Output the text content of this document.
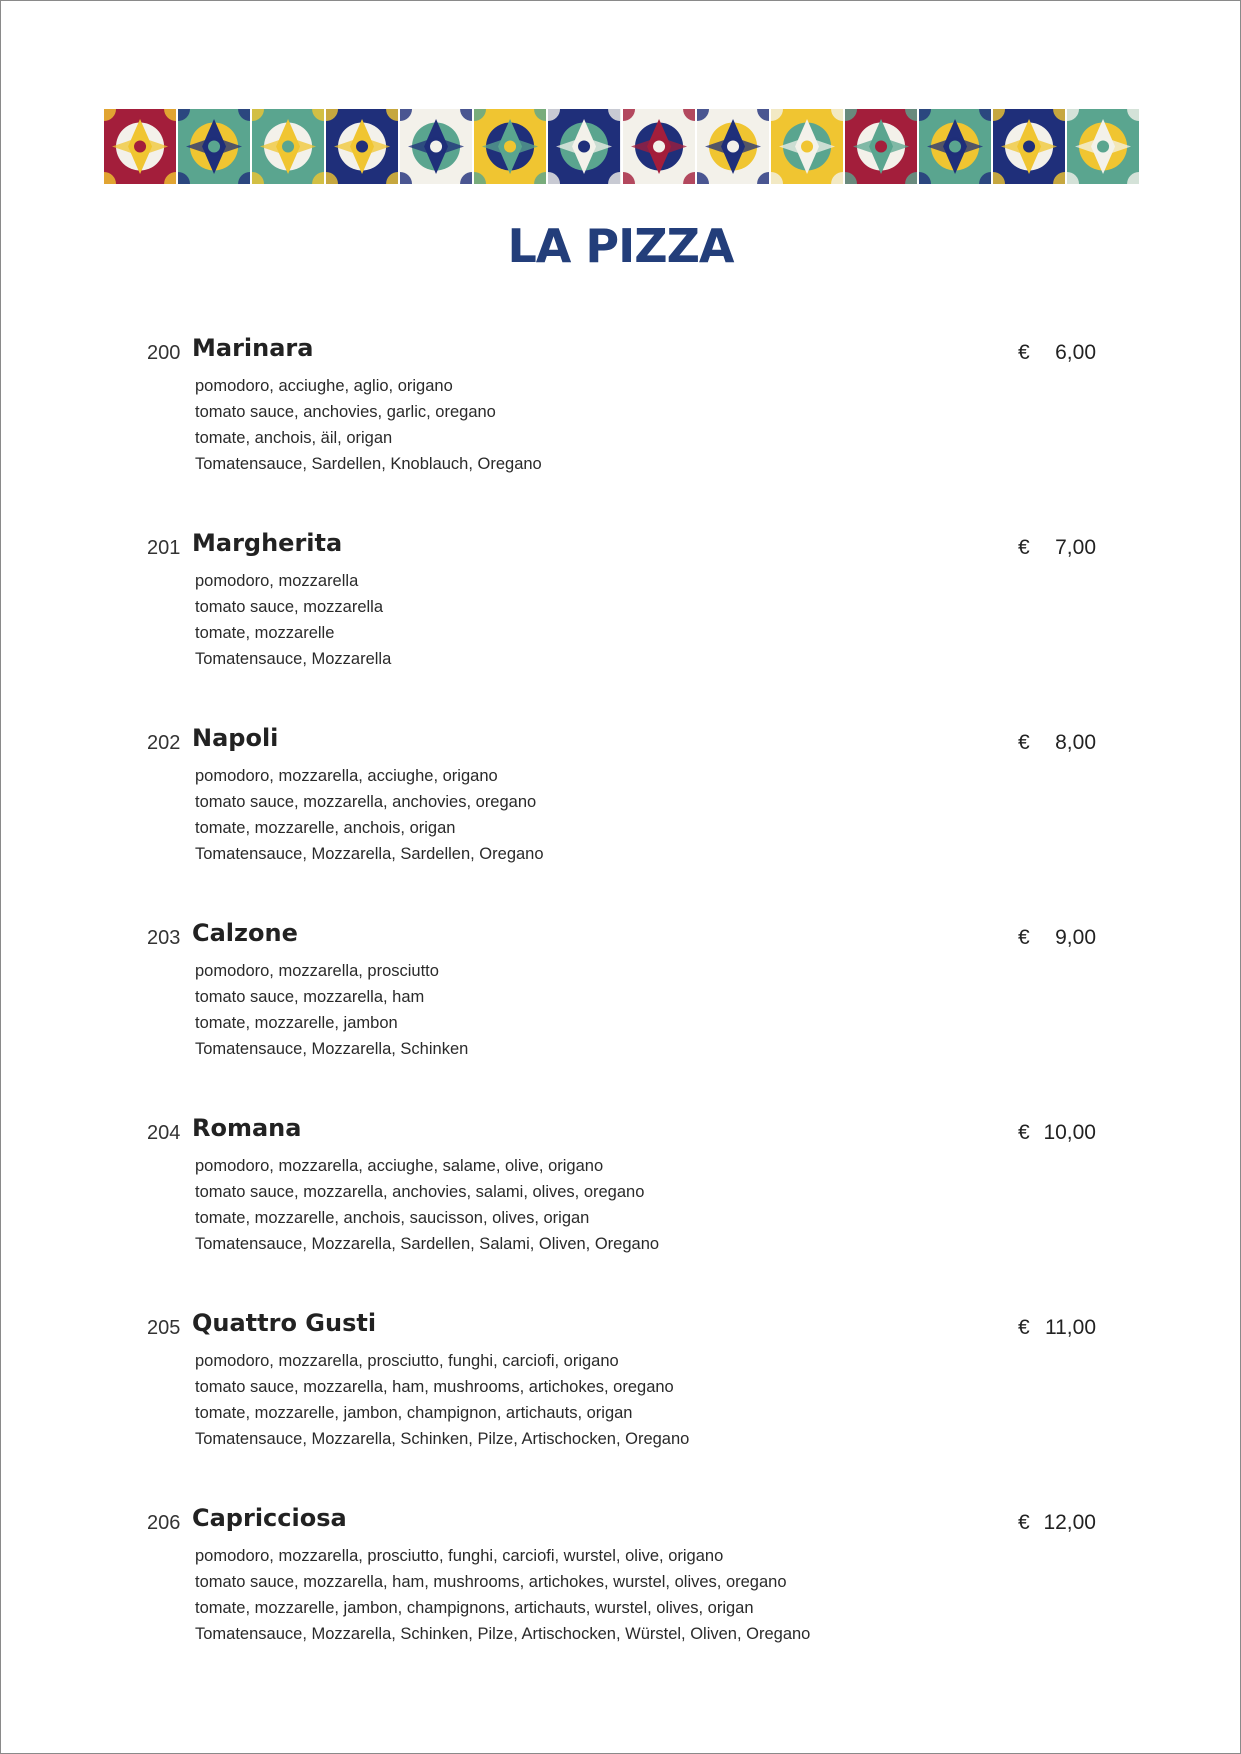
LA PIZZA
200 Marinara	€ 6,00
pomodoro, acciughe, aglio, origano
tomato sauce, anchovies, garlic, oregano
tomate, anchois, äil, origan
Tomatensauce, Sardellen, Knoblauch, Oregano
201 Margherita	€ 7,00
pomodoro, mozzarella
tomato sauce, mozzarella
tomate, mozzarelle
Tomatensauce, Mozzarella
202 Napoli	€ 8,00
pomodoro, mozzarella, acciughe, origano
tomato sauce, mozzarella, anchovies, oregano
tomate, mozzarelle, anchois, origan
Tomatensauce, Mozzarella, Sardellen, Oregano
203 Calzone	€ 9,00
pomodoro, mozzarella, prosciutto
tomato sauce, mozzarella, ham
tomate, mozzarelle, jambon
Tomatensauce, Mozzarella, Schinken
204 Romana	€ 10,00
pomodoro, mozzarella, acciughe, salame, olive, origano
tomato sauce, mozzarella, anchovies, salami, olives, oregano
tomate, mozzarelle, anchois, saucisson, olives, origan
Tomatensauce, Mozzarella, Sardellen, Salami, Oliven, Oregano
205 Quattro Gusti	€ 11,00
pomodoro, mozzarella, prosciutto, funghi, carciofi, origano
tomato sauce, mozzarella, ham, mushrooms, artichokes, oregano
tomate, mozzarelle, jambon, champignon, artichauts, origan
Tomatensauce, Mozzarella, Schinken, Pilze, Artischocken, Oregano
206 Capricciosa	€ 12,00
pomodoro, mozzarella, prosciutto, funghi, carciofi, wurstel, olive, origano
tomato sauce, mozzarella, ham, mushrooms, artichokes, wurstel, olives, oregano
tomate, mozzarelle, jambon, champignons, artichauts, wurstel, olives, origan
Tomatensauce, Mozzarella, Schinken, Pilze, Artischocken, Würstel, Oliven, Oregano
